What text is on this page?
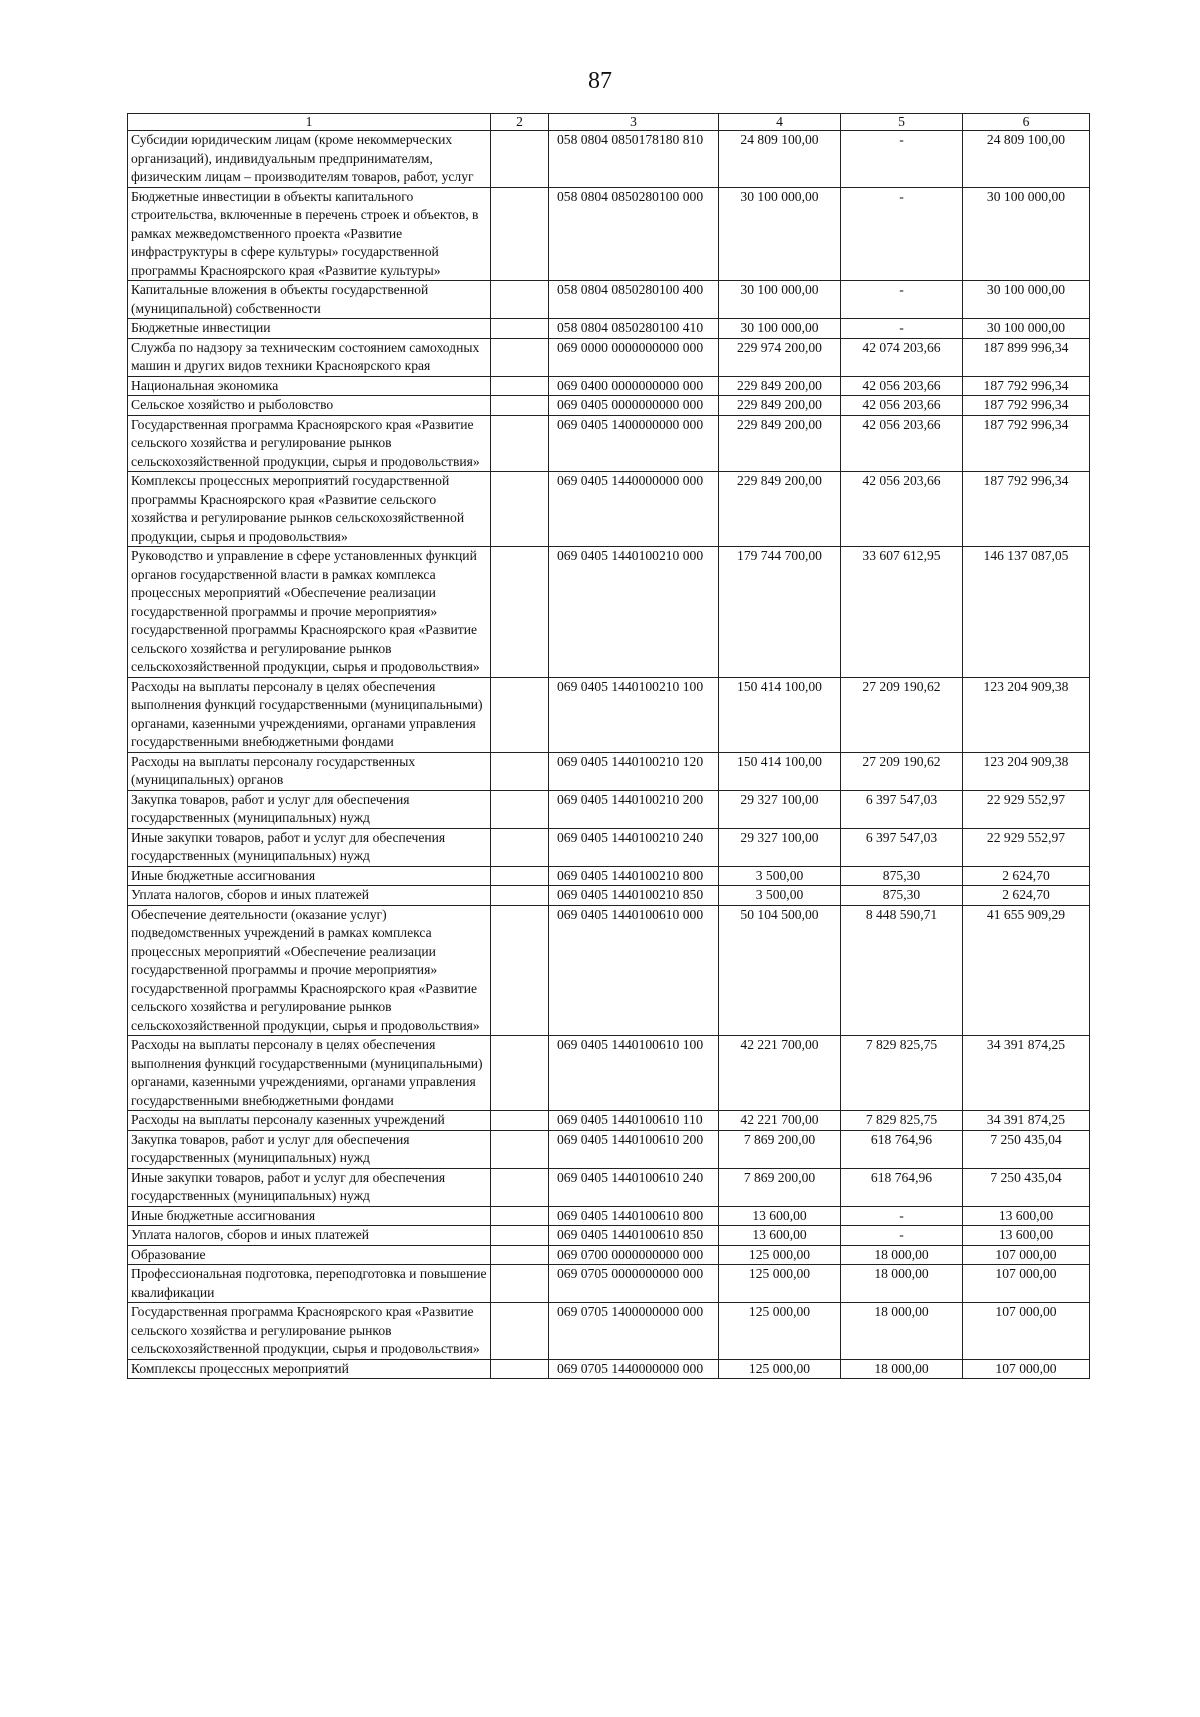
87
1	2	3	4	5	6
Субсидии юридическим лицам (кроме некоммерческих организаций), индивидуальным предпринимателям, физическим лицам – производителям товаров, работ, услуг		058 0804 0850178180 810	24 809 100,00	-	24 809 100,00
Бюджетные инвестиции в объекты капитального строительства, включенные в перечень строек и объектов, в рамках межведомственного проекта «Развитие инфраструктуры в сфере культуры» государственной программы Красноярского края «Развитие культуры»		058 0804 0850280100 000	30 100 000,00	-	30 100 000,00
Капитальные вложения в объекты государственной (муниципальной) собственности		058 0804 0850280100 400	30 100 000,00	-	30 100 000,00
Бюджетные инвестиции		058 0804 0850280100 410	30 100 000,00	-	30 100 000,00
Служба по надзору за техническим состоянием самоходных машин и других видов техники Красноярского края		069 0000 0000000000 000	229 974 200,00	42 074 203,66	187 899 996,34
Национальная экономика		069 0400 0000000000 000	229 849 200,00	42 056 203,66	187 792 996,34
Сельское хозяйство и рыболовство		069 0405 0000000000 000	229 849 200,00	42 056 203,66	187 792 996,34
Государственная программа Красноярского края «Развитие сельского хозяйства и регулирование рынков сельскохозяйственной продукции, сырья и продовольствия»		069 0405 1400000000 000	229 849 200,00	42 056 203,66	187 792 996,34
Комплексы процессных мероприятий государственной программы Красноярского края «Развитие сельского хозяйства и регулирование рынков сельскохозяйственной продукции, сырья и продовольствия»		069 0405 1440000000 000	229 849 200,00	42 056 203,66	187 792 996,34
Руководство и управление в сфере установленных функций органов государственной власти в рамках комплекса процессных мероприятий «Обеспечение реализации государственной программы и прочие мероприятия» государственной программы Красноярского края «Развитие сельского хозяйства и регулирование рынков сельскохозяйственной продукции, сырья и продовольствия»		069 0405 1440100210 000	179 744 700,00	33 607 612,95	146 137 087,05
Расходы на выплаты персоналу в целях обеспечения выполнения функций государственными (муниципальными) органами, казенными учреждениями, органами управления государственными внебюджетными фондами		069 0405 1440100210 100	150 414 100,00	27 209 190,62	123 204 909,38
Расходы на выплаты персоналу государственных (муниципальных) органов		069 0405 1440100210 120	150 414 100,00	27 209 190,62	123 204 909,38
Закупка товаров, работ и услуг для обеспечения государственных (муниципальных) нужд		069 0405 1440100210 200	29 327 100,00	6 397 547,03	22 929 552,97
Иные закупки товаров, работ и услуг для обеспечения государственных (муниципальных) нужд		069 0405 1440100210 240	29 327 100,00	6 397 547,03	22 929 552,97
Иные бюджетные ассигнования		069 0405 1440100210 800	3 500,00	875,30	2 624,70
Уплата налогов, сборов и иных платежей		069 0405 1440100210 850	3 500,00	875,30	2 624,70
Обеспечение деятельности (оказание услуг) подведомственных учреждений в рамках комплекса процессных мероприятий «Обеспечение реализации государственной программы и прочие мероприятия» государственной программы Красноярского края «Развитие сельского хозяйства и регулирование рынков сельскохозяйственной продукции, сырья и продовольствия»		069 0405 1440100610 000	50 104 500,00	8 448 590,71	41 655 909,29
Расходы на выплаты персоналу в целях обеспечения выполнения функций государственными (муниципальными) органами, казенными учреждениями, органами управления государственными внебюджетными фондами		069 0405 1440100610 100	42 221 700,00	7 829 825,75	34 391 874,25
Расходы на выплаты персоналу казенных учреждений		069 0405 1440100610 110	42 221 700,00	7 829 825,75	34 391 874,25
Закупка товаров, работ и услуг для обеспечения государственных (муниципальных) нужд		069 0405 1440100610 200	7 869 200,00	618 764,96	7 250 435,04
Иные закупки товаров, работ и услуг для обеспечения государственных (муниципальных) нужд		069 0405 1440100610 240	7 869 200,00	618 764,96	7 250 435,04
Иные бюджетные ассигнования		069 0405 1440100610 800	13 600,00	-	13 600,00
Уплата налогов, сборов и иных платежей		069 0405 1440100610 850	13 600,00	-	13 600,00
Образование		069 0700 0000000000 000	125 000,00	18 000,00	107 000,00
Профессиональная подготовка, переподготовка и повышение квалификации		069 0705 0000000000 000	125 000,00	18 000,00	107 000,00
Государственная программа Красноярского края «Развитие сельского хозяйства и регулирование рынков сельскохозяйственной продукции, сырья и продовольствия»		069 0705 1400000000 000	125 000,00	18 000,00	107 000,00
Комплексы процессных мероприятий		069 0705 1440000000 000	125 000,00	18 000,00	107 000,00
